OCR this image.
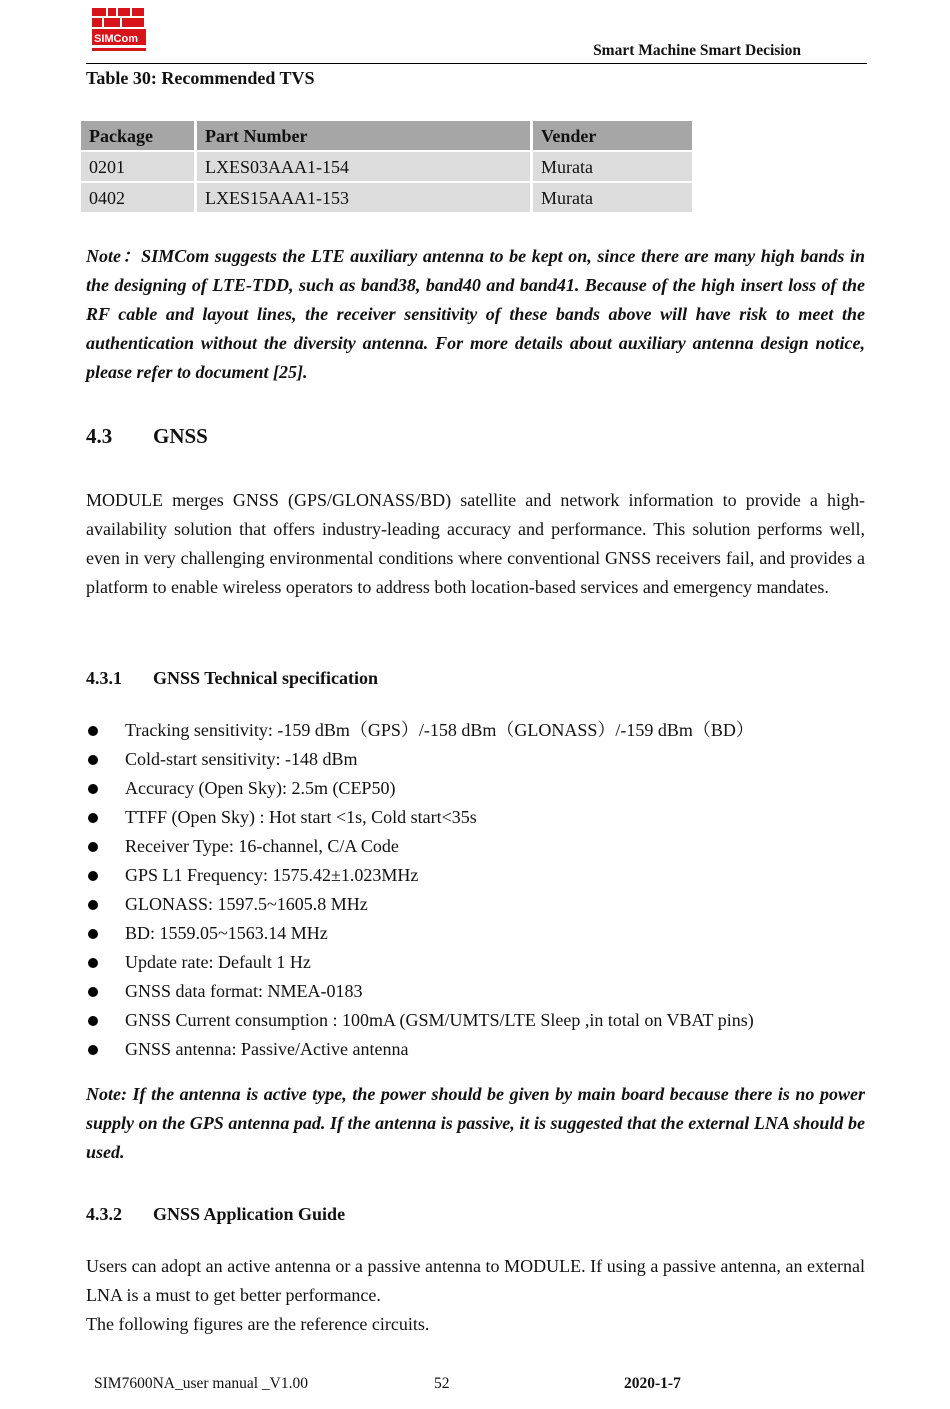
SIMCom
Smart Machine Smart Decision
Table 30: Recommended TVS
Package	Part Number	Vender
0201	LXES03AAA1-154	Murata
0402	LXES15AAA1-153	Murata
Note：SIMCom suggests the LTE auxiliary antenna to be kept on, since there are many high bands in the designing of LTE-TDD, such as band38, band40 and band41. Because of the high insert loss of the RF cable and layout lines, the receiver sensitivity of these bands above will have risk to meet the authentication without the diversity antenna. For more details about auxiliary antenna design notice, please refer to document [25].
4.3 GNSS
MODULE merges GNSS (GPS/GLONASS/BD) satellite and network information to provide a high-availability solution that offers industry-leading accuracy and performance. This solution performs well, even in very challenging environmental conditions where conventional GNSS receivers fail, and provides a platform to enable wireless operators to address both location-based services and emergency mandates.
4.3.1 GNSS Technical specification
Tracking sensitivity: -159 dBm（GPS）/-158 dBm（GLONASS）/-159 dBm（BD）
Cold-start sensitivity: -148 dBm
Accuracy (Open Sky): 2.5m (CEP50)
TTFF (Open Sky) : Hot start <1s, Cold start<35s
Receiver Type: 16-channel, C/A Code
GPS L1 Frequency: 1575.42±1.023MHz
GLONASS: 1597.5~1605.8 MHz
BD: 1559.05~1563.14 MHz
Update rate: Default 1 Hz
GNSS data format: NMEA-0183
GNSS Current consumption : 100mA (GSM/UMTS/LTE Sleep ,in total on VBAT pins)
GNSS antenna: Passive/Active antenna
Note: If the antenna is active type, the power should be given by main board because there is no power supply on the GPS antenna pad. If the antenna is passive, it is suggested that the external LNA should be used.
4.3.2 GNSS Application Guide
Users can adopt an active antenna or a passive antenna to MODULE. If using a passive antenna, an external LNA is a must to get better performance.
The following figures are the reference circuits.
SIM7600NA_user manual _V1.00	52	2020-1-7
